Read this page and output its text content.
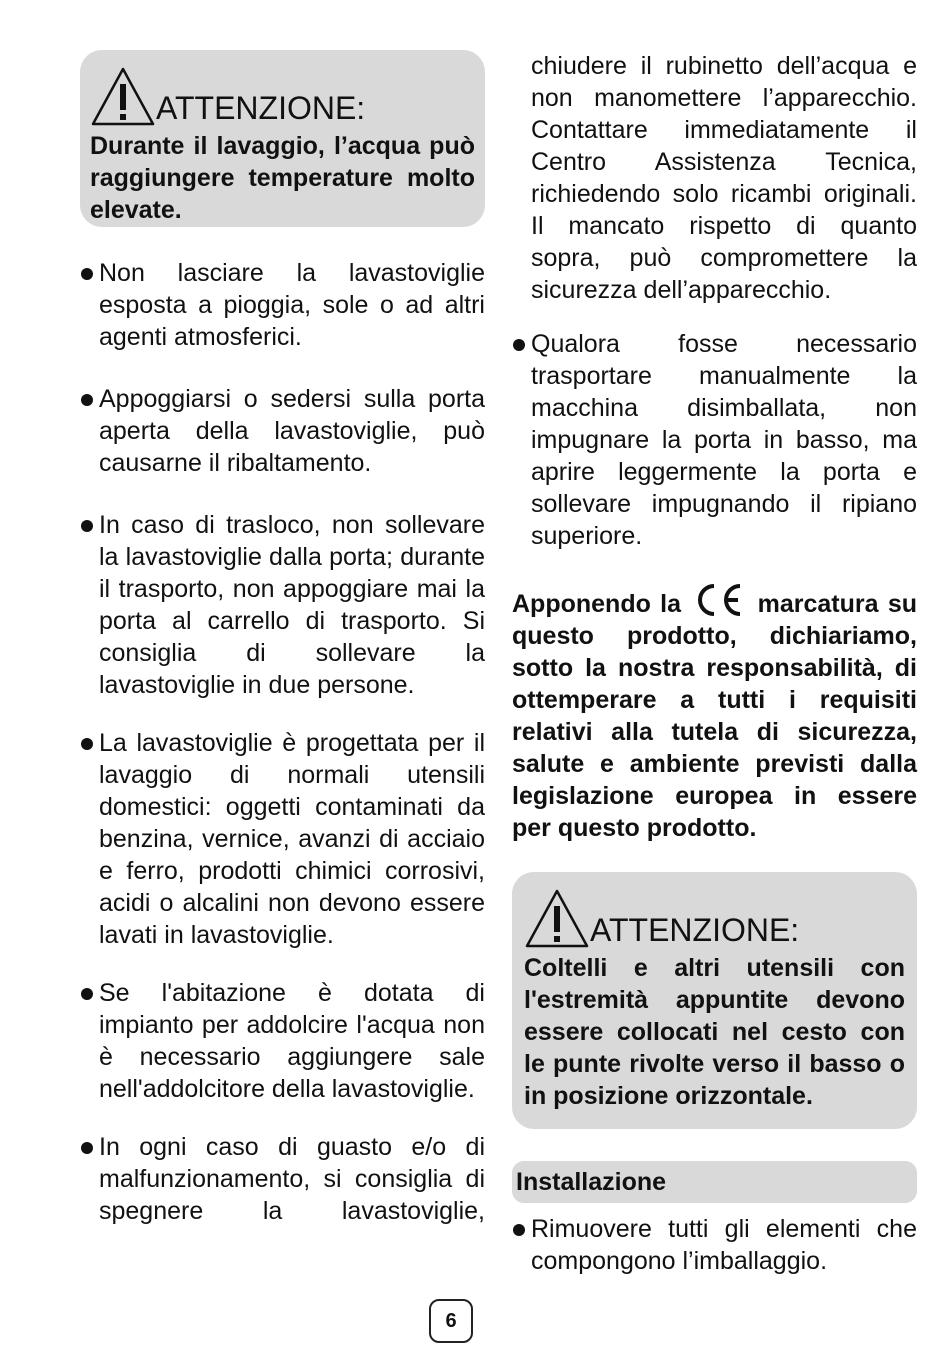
ATTENZIONE:
Durante il lavaggio, l’acqua può raggiungere temperature molto elevate.
Non lasciare la lavastoviglie esposta a pioggia, sole o ad altri agenti atmosferici.
Appoggiarsi o sedersi sulla porta aperta della lavastoviglie, può causarne il ribaltamento.
In caso di trasloco, non sollevare la lavastoviglie dalla porta; durante il trasporto, non appoggiare mai la porta al carrello di trasporto. Si consiglia di sollevare la lavastoviglie in due persone.
La lavastoviglie è progettata per il lavaggio di normali utensili domestici: oggetti contaminati da benzina, vernice, avanzi di acciaio e ferro, prodotti chimici corrosivi, acidi o alcalini non devono essere lavati in lavastoviglie.
Se l'abitazione è dotata di impianto per addolcire l'acqua non è necessario aggiungere sale nell'addolcitore della lavastoviglie.
In ogni caso di guasto e/o di malfunzionamento, si consiglia di spegnere la lavastoviglie,
chiudere il rubinetto dell’acqua e non manomettere l’apparecchio. Contattare immediatamente il Centro Assistenza Tecnica, richiedendo solo ricambi originali. Il mancato rispetto di quanto sopra, può compromettere la sicurezza dell’apparecchio.
Qualora fosse necessario trasportare manualmente la macchina disimballata, non impugnare la porta in basso, ma aprire leggermente la porta e sollevare impugnando il ripiano superiore.
Apponendo la	marcatura su questo prodotto, dichiariamo, sotto la nostra responsabilità, di ottemperare a tutti i requisiti relativi alla tutela di sicurezza, salute e ambiente previsti dalla legislazione europea in essere per questo prodotto.
ATTENZIONE:
Coltelli e altri utensili con l'estremità appuntite devono essere collocati nel cesto con le punte rivolte verso il basso o in posizione orizzontale.
Installazione
Rimuovere tutti gli elementi che compongono l’imballaggio.
6
